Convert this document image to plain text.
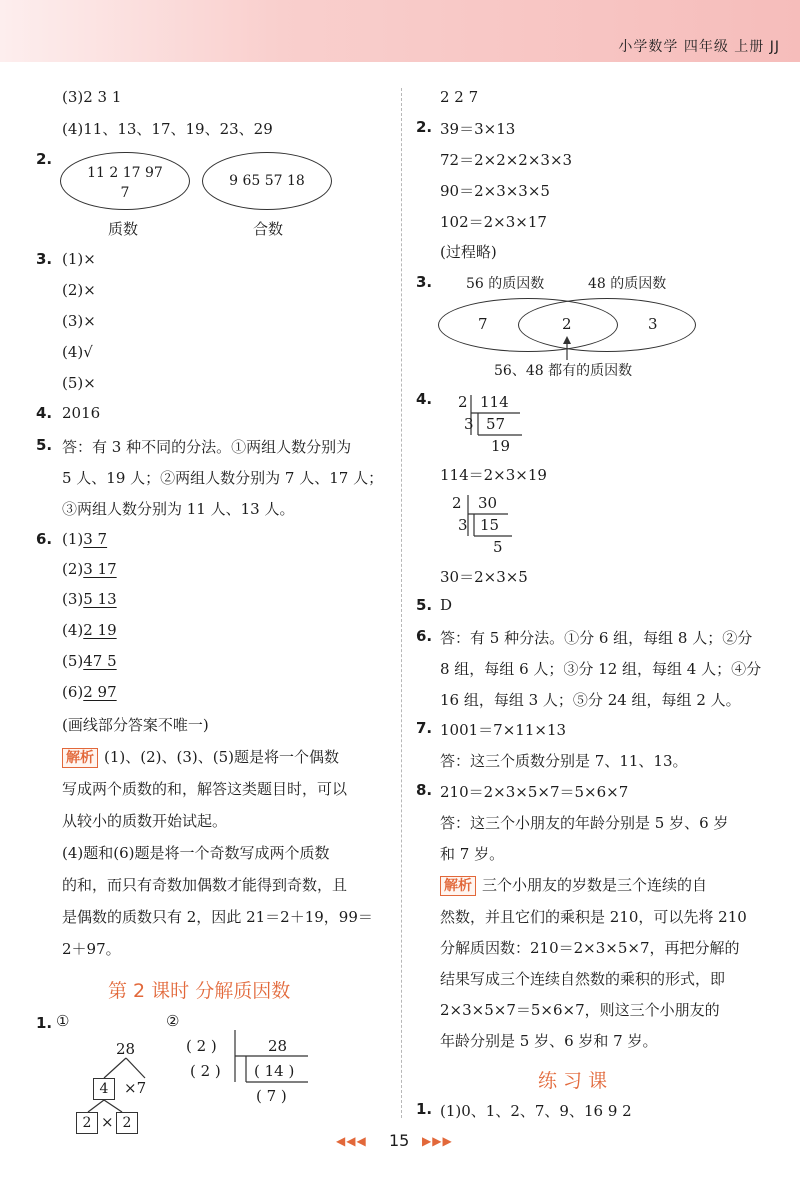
小学数学 四年级 上册 JJ
(3)2 3 1
(4)11、13、17、19、23、29
2.
11 2 17 97
7
9 65 57 18
质数	合数
3. (1)×
(2)×
(3)×
(4)√
(5)×
4. 2016
5. 答：有 3 种不同的分法。①两组人数分别为
5 人、19 人；②两组人数分别为 7 人、17 人；
③两组人数分别为 11 人、13 人。
6. (1)3 7
(2)3 17
(3)5 13
(4)2 19
(5)47 5
(6)2 97
(画线部分答案不唯一)
解析 (1)、(2)、(3)、(5)题是将一个偶数
写成两个质数的和，解答这类题目时，可以
从较小的质数开始试起。
(4)题和(6)题是将一个奇数写成两个质数
的和，而只有奇数加偶数才能得到奇数，且
是偶数的质数只有 2，因此 21＝2＋19，99＝
2＋97。
第 2 课时 分解质因数
1. ①
28
4	×7
2 × 2
②
( 2 )	28
( 2 ) ( 14 )
( 7 )
2 2 7
2. 39＝3×13
72＝2×2×2×3×3
90＝2×3×3×5
102＝2×3×17
(过程略)
3. 56 的质因数	48 的质因数
7	2	3
56、48 都有的质因数
4. 2 114
3 57
19
114＝2×3×19
2 30
3 15
5
30＝2×3×5
5. D
6. 答：有 5 种分法。①分 6 组，每组 8 人；②分
8 组，每组 6 人；③分 12 组，每组 4 人；④分
16 组，每组 3 人；⑤分 24 组，每组 2 人。
7. 1001＝7×11×13
答：这三个质数分别是 7、11、13。
8. 210＝2×3×5×7＝5×6×7
答：这三个小朋友的年龄分别是 5 岁、6 岁
和 7 岁。
解析 三个小朋友的岁数是三个连续的自
然数，并且它们的乘积是 210，可以先将 210
分解质因数：210＝2×3×5×7，再把分解的
结果写成三个连续自然数的乘积的形式，即
2×3×5×7＝5×6×7，则这三个小朋友的
年龄分别是 5 岁、6 岁和 7 岁。
练 习 课
1. (1)0、1、2、7、9、16 9 2
◀◀◀ 15 ▶▶▶
